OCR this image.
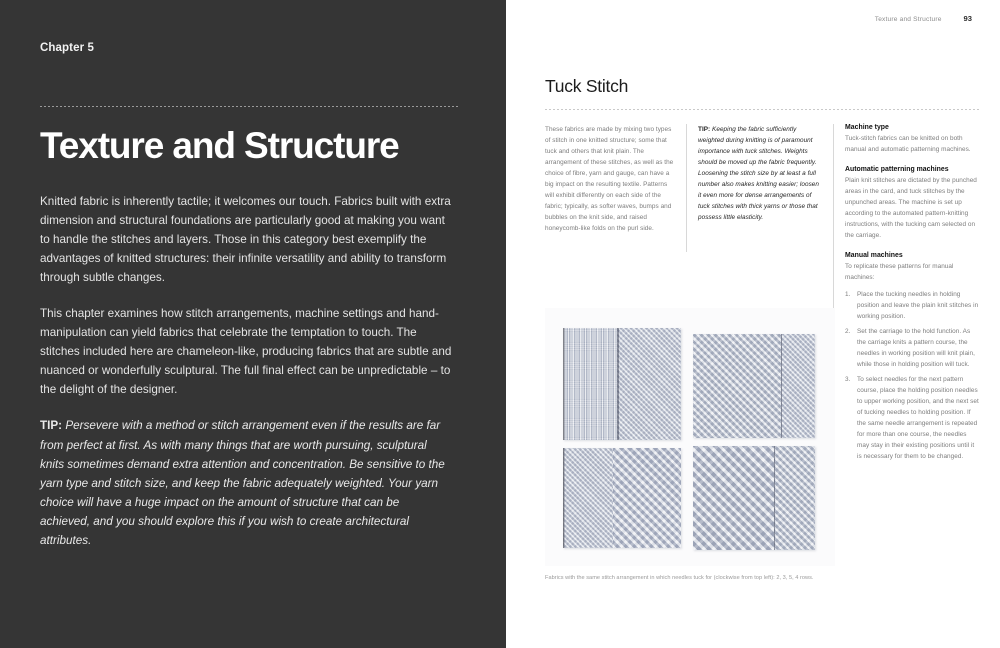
Chapter 5
Texture and Structure

Knitted fabric is inherently tactile; it welcomes our touch. Fabrics built with extra dimension and structural foundations are particularly good at making you want to handle the stitches and layers. Those in this category best exemplify the advantages of knitted structures: their infinite versatility and ability to transform through subtle changes.

This chapter examines how stitch arrangements, machine settings and hand-manipulation can yield fabrics that celebrate the temptation to touch. The stitches included here are chameleon-like, producing fabrics that are subtle and nuanced or wonderfully sculptural. The full final effect can be unpredictable – to the delight of the designer.

TIP: Persevere with a method or stitch arrangement even if the results are far from perfect at first. As with many things that are worth pursuing, sculptural knits sometimes demand extra attention and concentration. Be sensitive to the yarn type and stitch size, and keep the fabric adequately weighted. Your yarn choice will have a huge impact on the amount of structure that can be achieved, and you should explore this if you wish to create architectural attributes.

Texture and Structure	93
Tuck Stitch

These fabrics are made by mixing two types of stitch in one knitted structure; some that tuck and others that knit plain. The arrangement of these stitches, as well as the choice of fibre, yarn and gauge, can have a big impact on the resulting textile. Patterns will exhibit differently on each side of the fabric; typically, as softer waves, bumps and bubbles on the knit side, and raised honeycomb-like folds on the purl side.

TIP: Keeping the fabric sufficiently weighted during knitting is of paramount importance with tuck stitches. Weights should be moved up the fabric frequently. Loosening the stitch size by at least a full number also makes knitting easier; loosen it even more for dense arrangements of tuck stitches with thick yarns or those that possess little elasticity.

Machine type

Tuck-stitch fabrics can be knitted on both manual and automatic patterning machines.

Automatic patterning machines

Plain knit stitches are dictated by the punched areas in the card, and tuck stitches by the unpunched areas. The machine is set up according to the automated pattern-knitting instructions, with the tucking cam selected on the carriage.

Manual machines

To replicate these patterns for manual machines:

1. Place the tucking needles in holding position and leave the plain knit stitches in working position.
2. Set the carriage to the hold function. As the carriage knits a pattern course, the needles in working position will knit plain, while those in holding position will tuck.
3. To select needles for the next pattern course, place the holding position needles to upper working position, and the next set of tucking needles to holding position. If the same needle arrangement is repeated for more than one course, the needles may stay in their existing positions until it is necessary for them to be changed.
Fabrics with the same stitch arrangement in which needles tuck for (clockwise from top left): 2, 3, 5, 4 rows.
